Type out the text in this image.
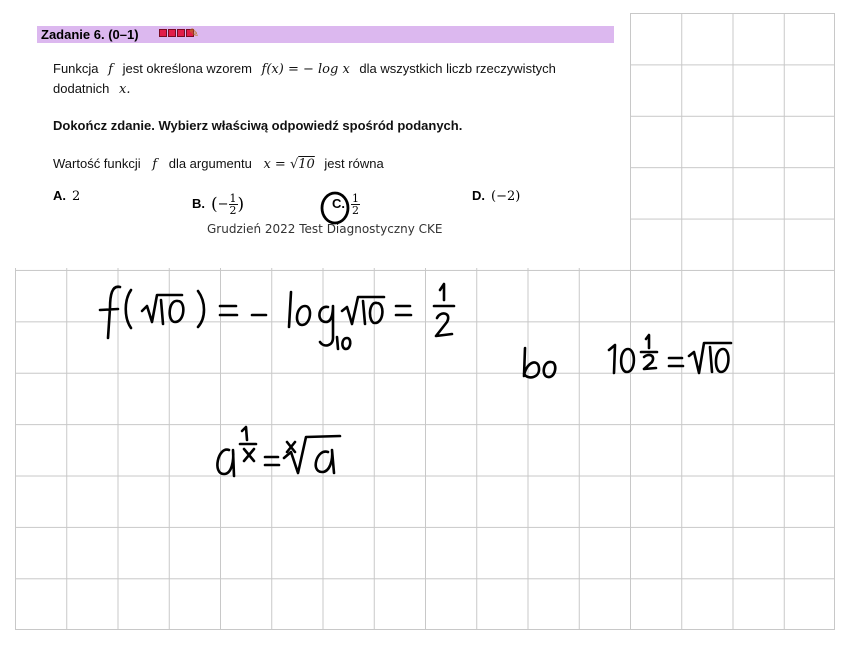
Zadanie 6. (0–1)	✎
Funkcja f jest określona wzorem f(x) = − log x dla wszystkich liczb rzeczywistych
dodatnich x.
Dokończ zdanie. Wybierz właściwą odpowiedź spośród podanych.
Wartość funkcji f dla argumentu x = √10 jest równa
A. 2	B. (− $\frac{1}{2}$ )	C. $\frac{1}{2}$	D. (−2)
Grudzień 2022 Test Diagnostyczny CKE
